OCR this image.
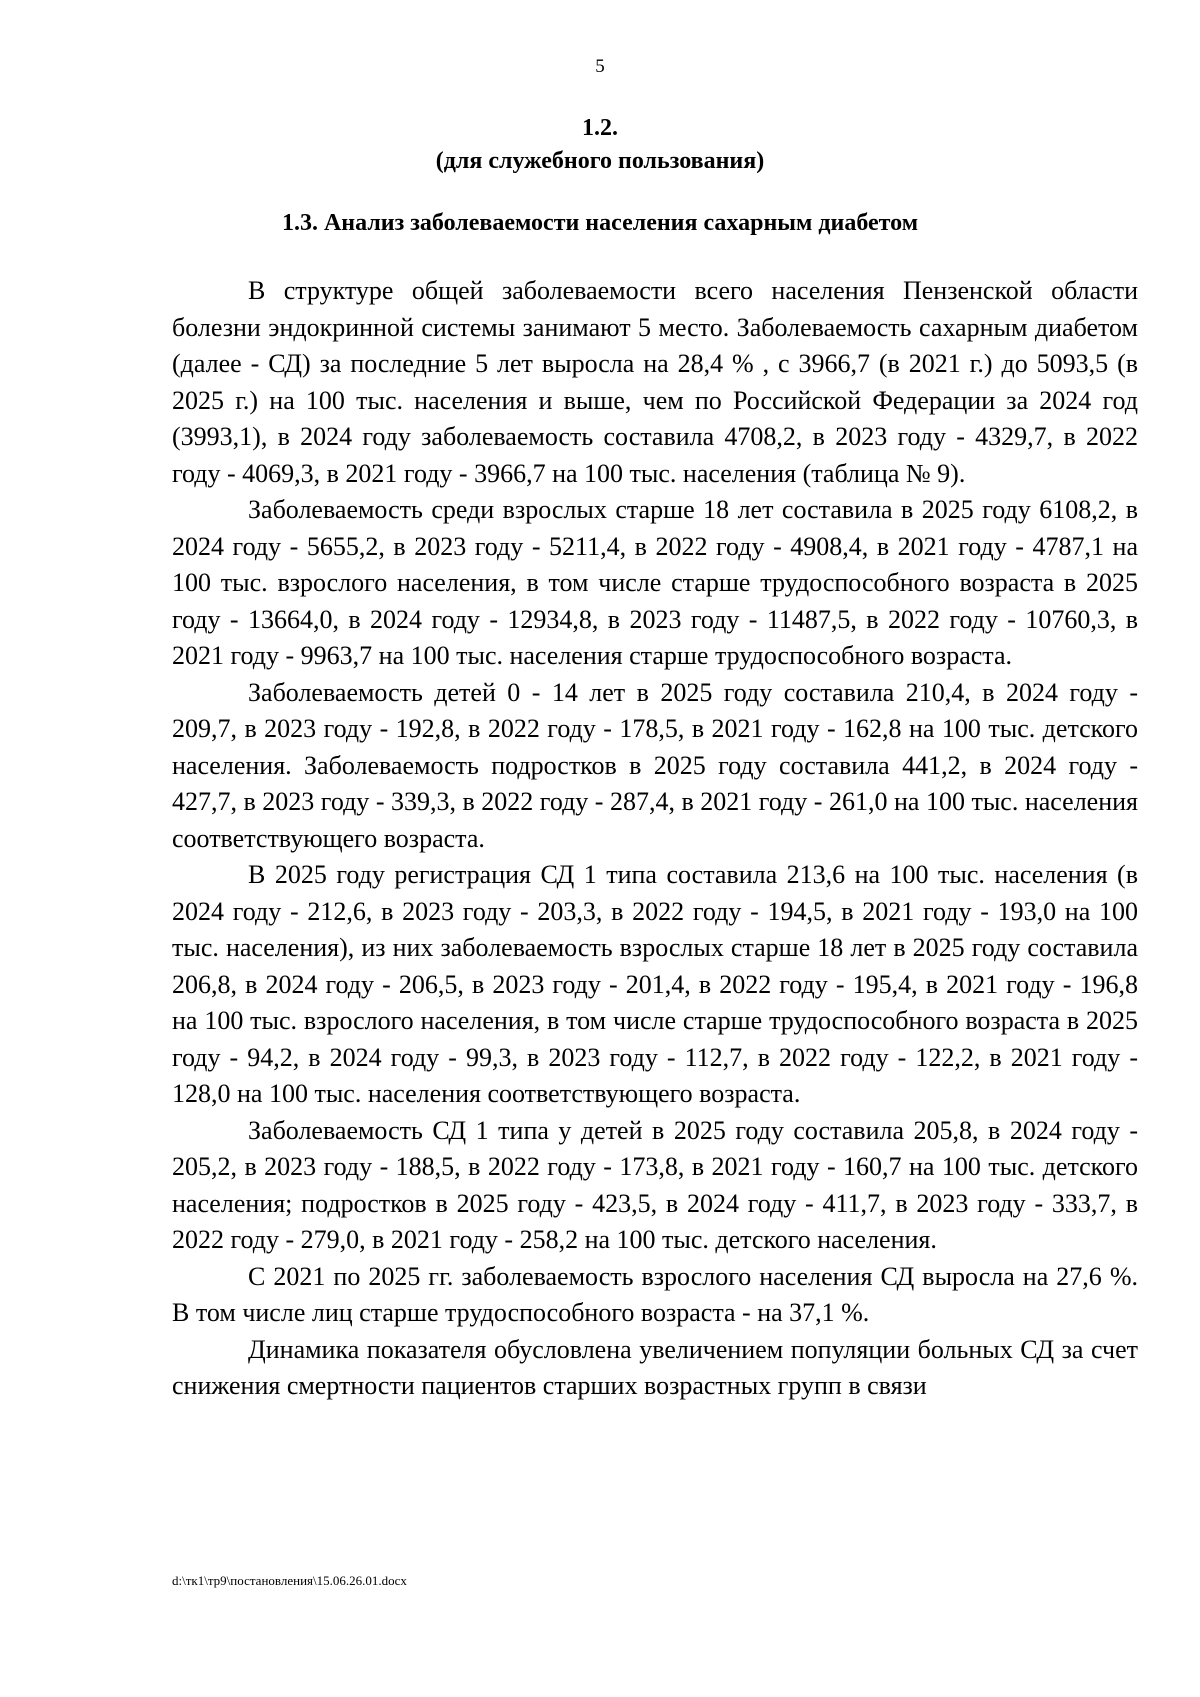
5
1.2.
(для служебного пользования)
1.3. Анализ заболеваемости населения сахарным диабетом

В структуре общей заболеваемости всего населения Пензенской области болезни эндокринной системы занимают 5 место. Заболеваемость сахарным диабетом (далее - СД) за последние 5 лет выросла на 28,4 % , с 3966,7 (в 2021 г.) до 5093,5 (в 2025 г.) на 100 тыс. населения и выше, чем по Российской Федерации за 2024 год (3993,1), в 2024 году заболеваемость составила 4708,2, в 2023 году - 4329,7, в 2022 году - 4069,3, в 2021 году - 3966,7 на 100 тыс. населения (таблица № 9).

Заболеваемость среди взрослых старше 18 лет составила в 2025 году 6108,2, в 2024 году - 5655,2, в 2023 году - 5211,4, в 2022 году - 4908,4, в 2021 году - 4787,1 на 100 тыс. взрослого населения, в том числе старше трудоспособного возраста в 2025 году - 13664,0, в 2024 году - 12934,8, в 2023 году - 11487,5, в 2022 году - 10760,3, в 2021 году - 9963,7 на 100 тыс. населения старше трудоспособного возраста.

Заболеваемость детей 0 - 14 лет в 2025 году составила 210,4, в 2024 году - 209,7, в 2023 году - 192,8, в 2022 году - 178,5, в 2021 году - 162,8 на 100 тыс. детского населения. Заболеваемость подростков в 2025 году составила 441,2, в 2024 году - 427,7, в 2023 году - 339,3, в 2022 году - 287,4, в 2021 году - 261,0 на 100 тыс. населения соответствующего возраста.

В 2025 году регистрация СД 1 типа составила 213,6 на 100 тыс. населения (в 2024 году - 212,6, в 2023 году - 203,3, в 2022 году - 194,5, в 2021 году - 193,0 на 100 тыс. населения), из них заболеваемость взрослых старше 18 лет в 2025 году составила 206,8, в 2024 году - 206,5, в 2023 году - 201,4, в 2022 году - 195,4, в 2021 году - 196,8 на 100 тыс. взрослого населения, в том числе старше трудоспособного возраста в 2025 году - 94,2, в 2024 году - 99,3, в 2023 году - 112,7, в 2022 году - 122,2, в 2021 году - 128,0 на 100 тыс. населения соответствующего возраста.

Заболеваемость СД 1 типа у детей в 2025 году составила 205,8, в 2024 году - 205,2, в 2023 году - 188,5, в 2022 году - 173,8, в 2021 году - 160,7 на 100 тыс. детского населения; подростков в 2025 году - 423,5, в 2024 году - 411,7, в 2023 году - 333,7, в 2022 году - 279,0, в 2021 году - 258,2 на 100 тыс. детского населения.

С 2021 по 2025 гг. заболеваемость взрослого населения СД выросла на 27,6 %. В том числе лиц старше трудоспособного возраста - на 37,1 %.

Динамика показателя обусловлена увеличением популяции больных СД за счет снижения смертности пациентов старших возрастных групп в связи

d:\тк1\тр9\постановления\15.06.26.01.docx
